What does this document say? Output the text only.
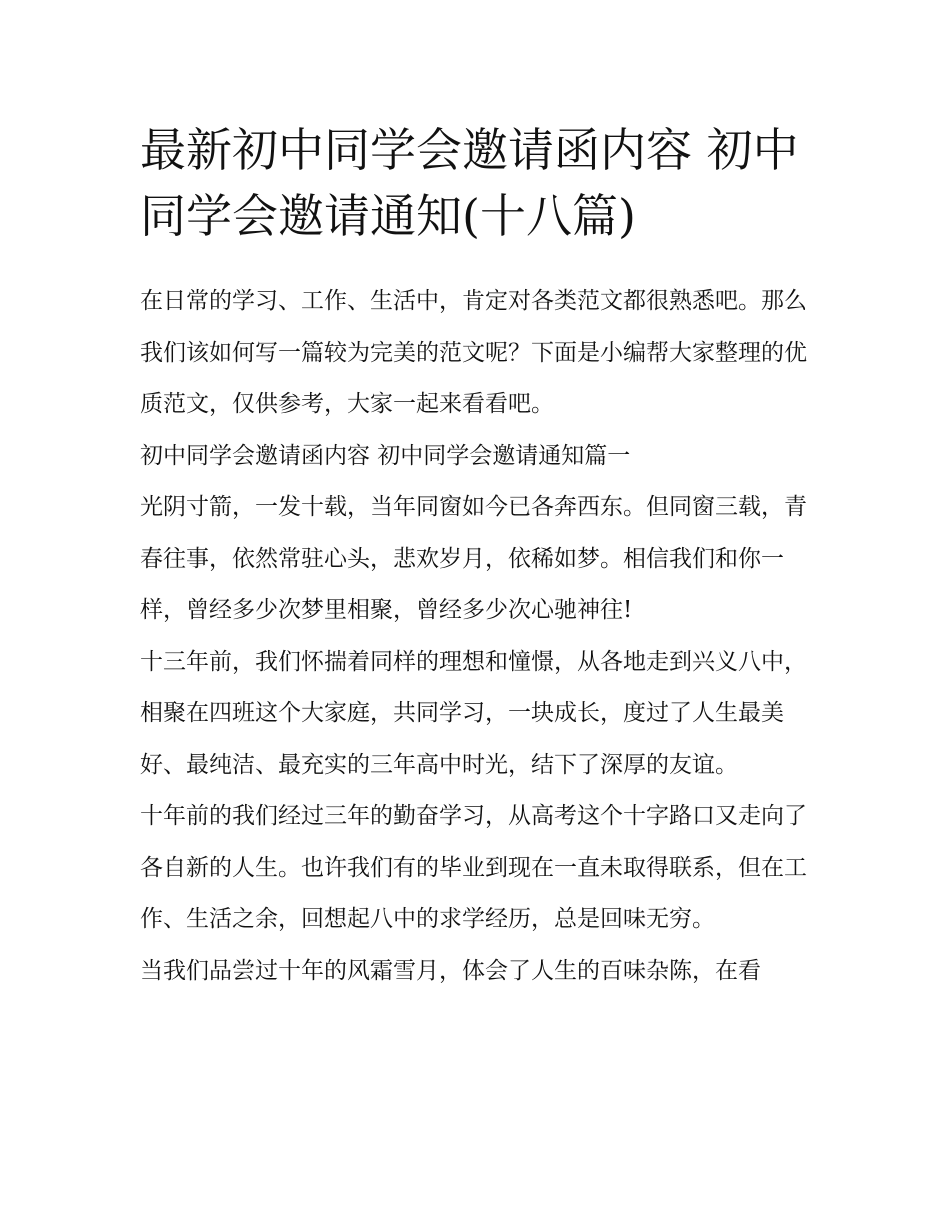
最新初中同学会邀请函内容 初中同学会邀请通知(十八篇)

在日常的学习、工作、生活中，肯定对各类范文都很熟悉吧。那么我们该如何写一篇较为完美的范文呢？下面是小编帮大家整理的优质范文，仅供参考，大家一起来看看吧。

初中同学会邀请函内容 初中同学会邀请通知篇一

光阴寸箭，一发十载，当年同窗如今已各奔西东。但同窗三载，青春往事，依然常驻心头，悲欢岁月，依稀如梦。相信我们和你一样，曾经多少次梦里相聚，曾经多少次心驰神往!

十三年前，我们怀揣着同样的理想和憧憬，从各地走到兴义八中，相聚在四班这个大家庭，共同学习，一块成长，度过了人生最美好、最纯洁、最充实的三年高中时光，结下了深厚的友谊。

十年前的我们经过三年的勤奋学习，从高考这个十字路口又走向了各自新的人生。也许我们有的毕业到现在一直未取得联系，但在工作、生活之余，回想起八中的求学经历，总是回味无穷。

当我们品尝过十年的风霜雪月，体会了人生的百味杂陈，在看
